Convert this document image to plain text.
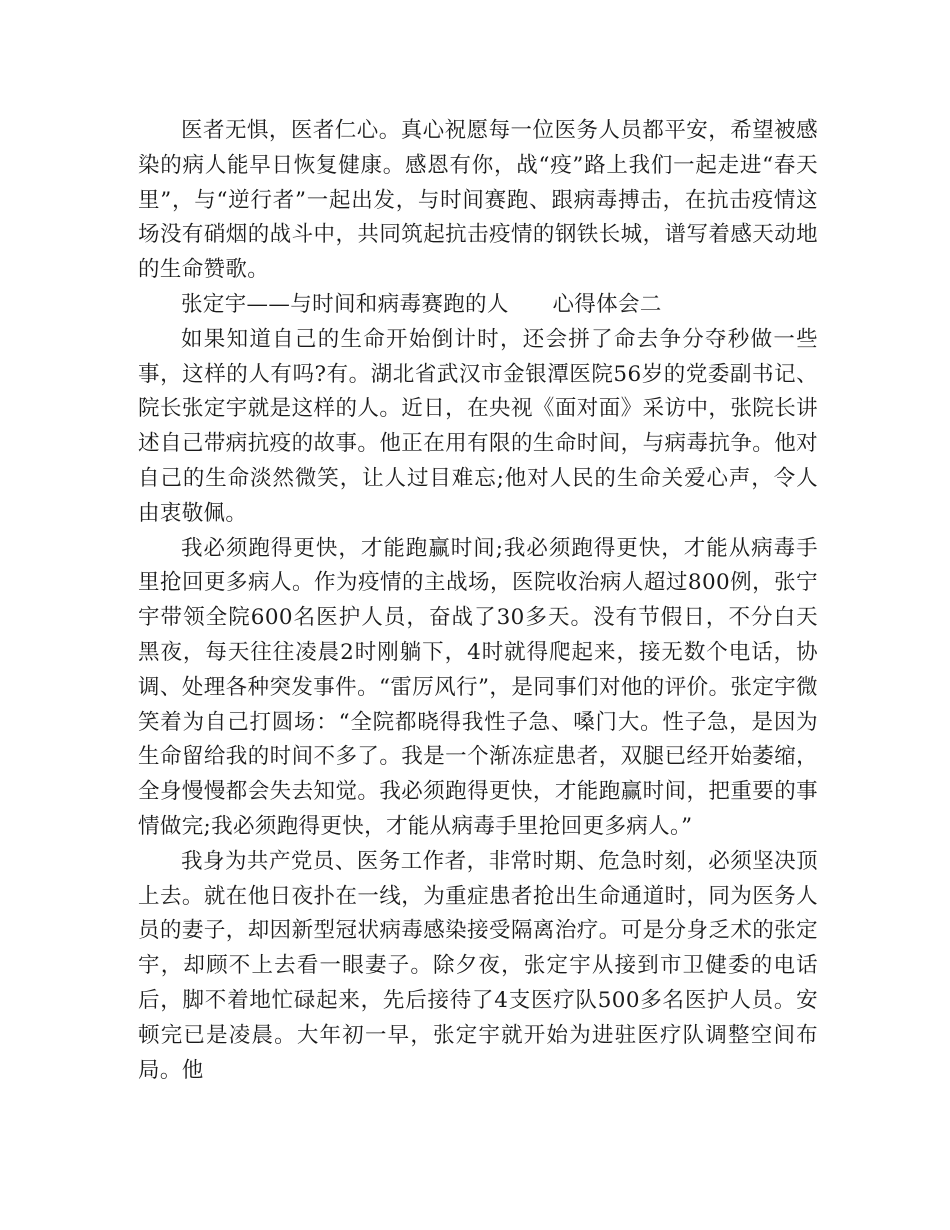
医者无惧，医者仁心。真心祝愿每一位医务人员都平安，希望被感染的病人能早日恢复健康。感恩有你，战“疫”路上我们一起走进“春天里”，与“逆行者”一起出发，与时间赛跑、跟病毒搏击，在抗击疫情这场没有硝烟的战斗中，共同筑起抗击疫情的钢铁长城，谱写着感天动地的生命赞歌。

张定宇——与时间和病毒赛跑的人　　心得体会二

如果知道自己的生命开始倒计时，还会拼了命去争分夺秒做一些事，这样的人有吗?有。湖北省武汉市金银潭医院56岁的党委副书记、院长张定宇就是这样的人。近日，在央视《面对面》采访中，张院长讲述自己带病抗疫的故事。他正在用有限的生命时间，与病毒抗争。他对自己的生命淡然微笑，让人过目难忘;他对人民的生命关爱心声，令人由衷敬佩。

我必须跑得更快，才能跑赢时间;我必须跑得更快，才能从病毒手里抢回更多病人。作为疫情的主战场，医院收治病人超过800例，张宁宇带领全院600名医护人员，奋战了30多天。没有节假日，不分白天黑夜，每天往往凌晨2时刚躺下，4时就得爬起来，接无数个电话，协调、处理各种突发事件。“雷厉风行”，是同事们对他的评价。张定宇微笑着为自己打圆场：“全院都晓得我性子急、嗓门大。性子急，是因为生命留给我的时间不多了。我是一个渐冻症患者，双腿已经开始萎缩，全身慢慢都会失去知觉。我必须跑得更快，才能跑赢时间，把重要的事情做完;我必须跑得更快，才能从病毒手里抢回更多病人。”

我身为共产党员、医务工作者，非常时期、危急时刻，必须坚决顶上去。就在他日夜扑在一线，为重症患者抢出生命通道时，同为医务人员的妻子，却因新型冠状病毒感染接受隔离治疗。可是分身乏术的张定宇，却顾不上去看一眼妻子。除夕夜，张定宇从接到市卫健委的电话后，脚不着地忙碌起来，先后接待了4支医疗队500多名医护人员。安顿完已是凌晨。大年初一早，张定宇就开始为进驻医疗队调整空间布局。他
